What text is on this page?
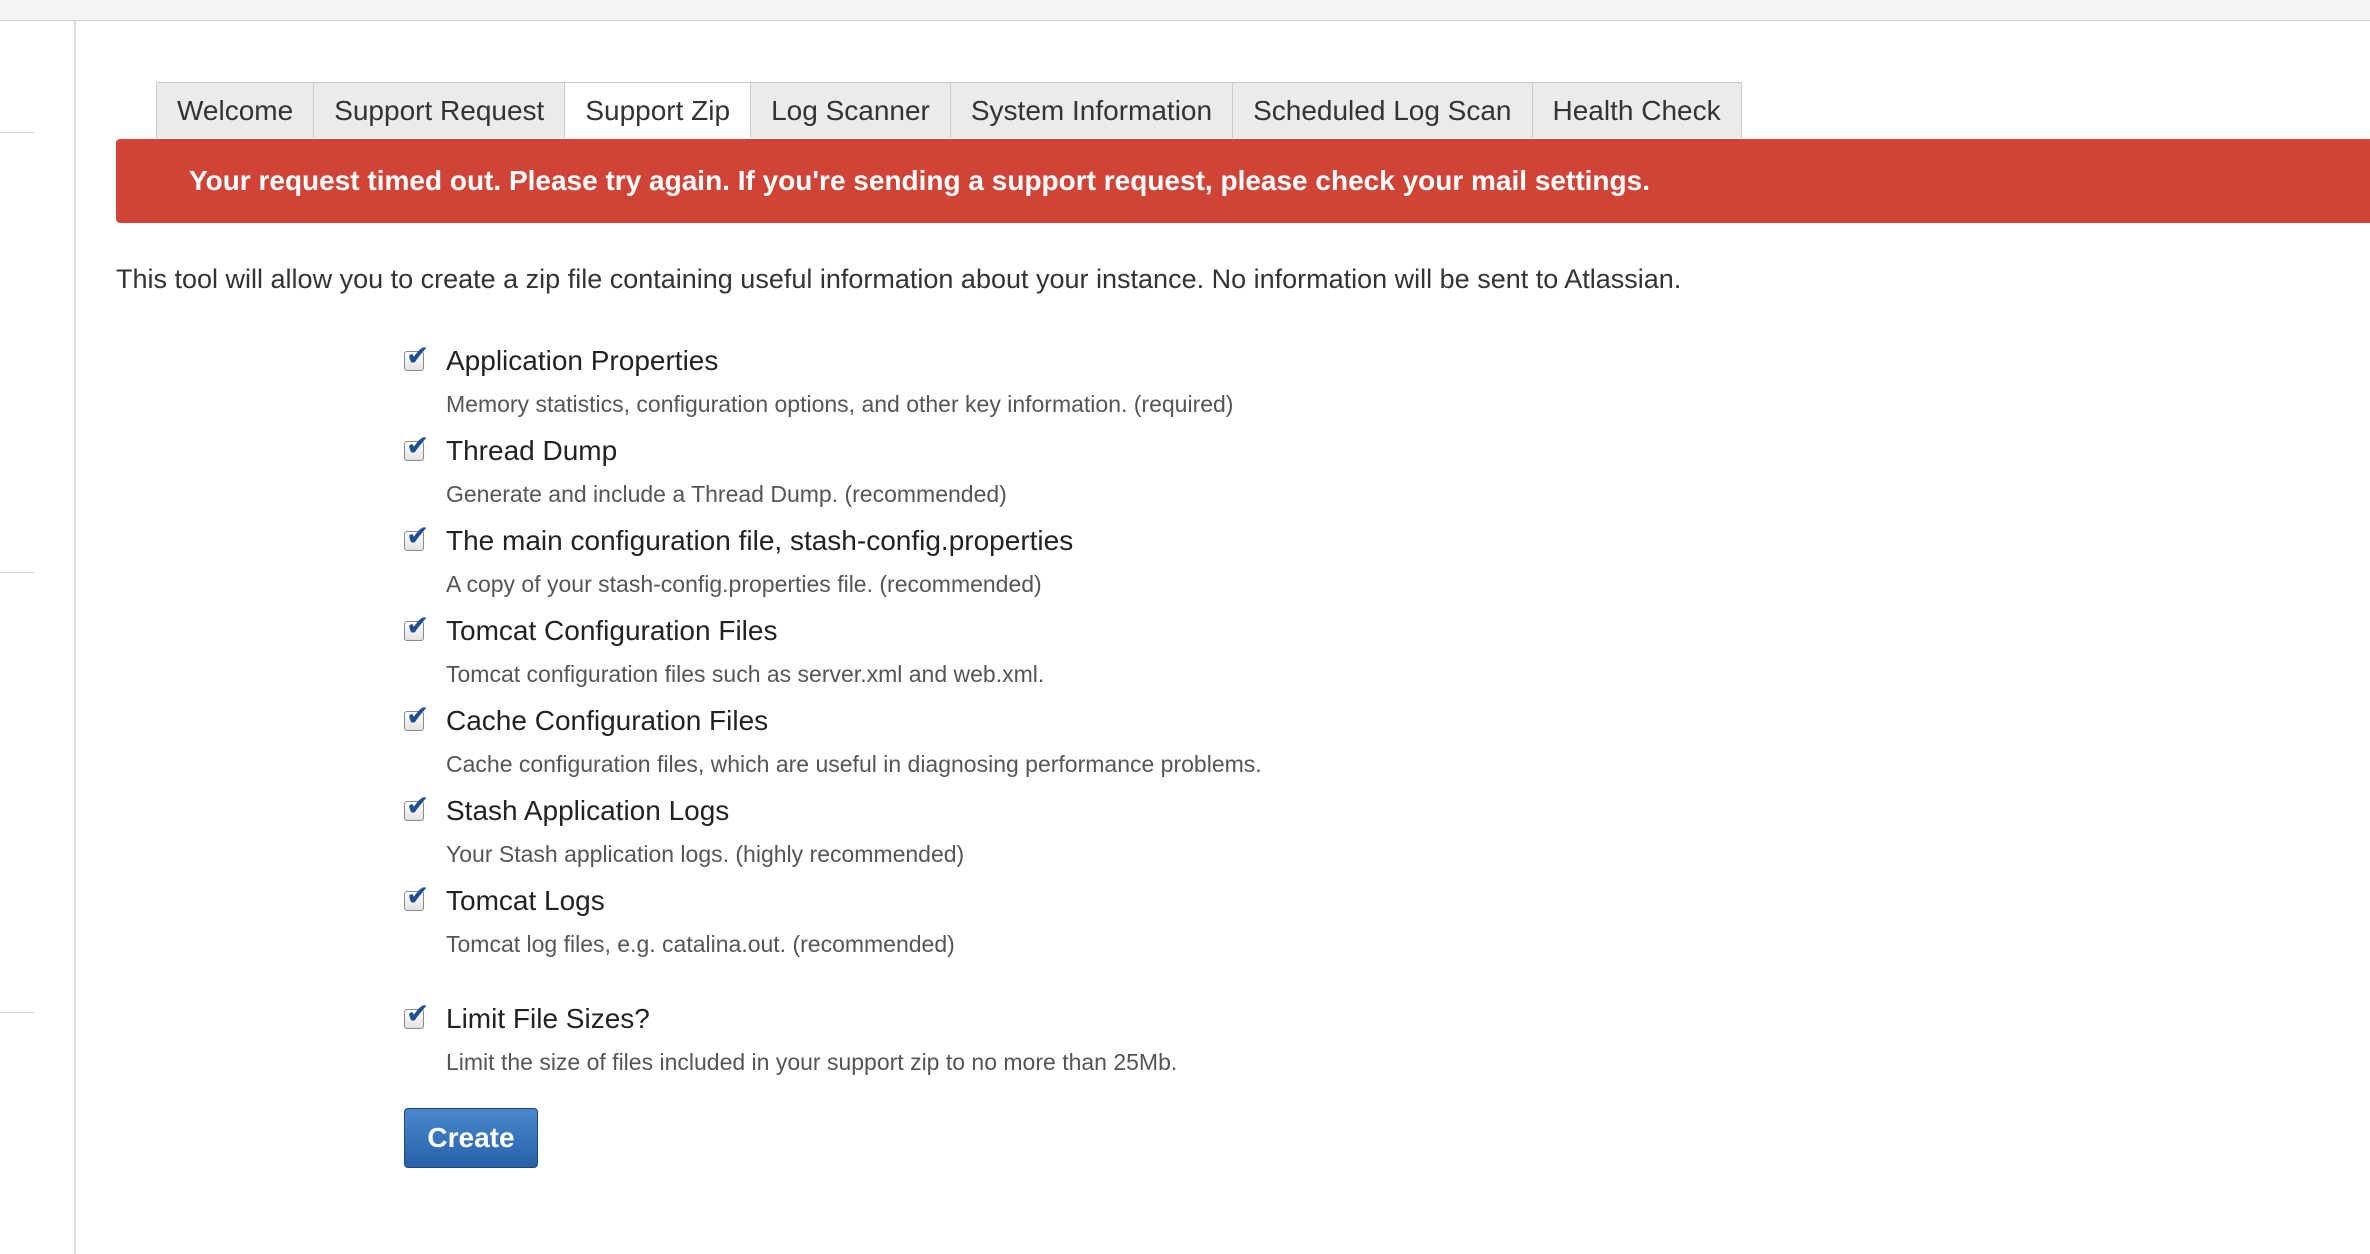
Welcome	Support Request	Support Zip	Log Scanner	System Information	Scheduled Log Scan	Health Check
Your request timed out. Please try again. If you're sending a support request, please check your mail settings.
This tool will allow you to create a zip file containing useful information about your instance. No information will be sent to Atlassian.
✔ Application Properties
Memory statistics, configuration options, and other key information. (required)
✔ Thread Dump
Generate and include a Thread Dump. (recommended)
✔ The main configuration file, stash-config.properties
A copy of your stash-config.properties file. (recommended)
✔ Tomcat Configuration Files
Tomcat configuration files such as server.xml and web.xml.
✔ Cache Configuration Files
Cache configuration files, which are useful in diagnosing performance problems.
✔ Stash Application Logs
Your Stash application logs. (highly recommended)
✔ Tomcat Logs
Tomcat log files, e.g. catalina.out. (recommended)
✔ Limit File Sizes?
Limit the size of files included in your support zip to no more than 25Mb.
Create
